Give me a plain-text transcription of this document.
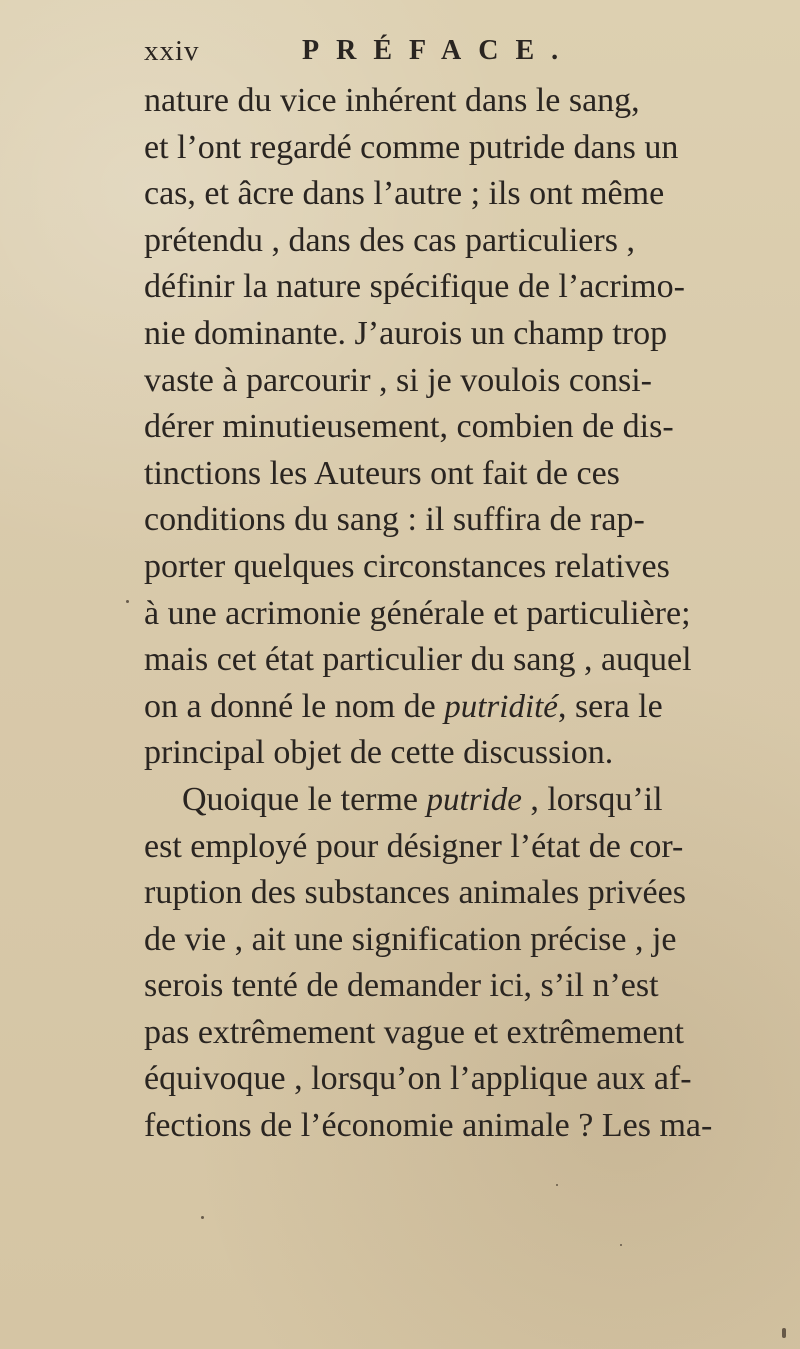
xxiv	PRÉFACE.
nature du vice inhérent dans le sang,
et l’ont regardé comme putride dans un
cas, et âcre dans l’autre ; ils ont même
prétendu , dans des cas particuliers ,
définir la nature spécifique de l’acrimo-
nie dominante. J’aurois un champ trop
vaste à parcourir , si je voulois consi-
dérer minutieusement, combien de dis-
tinctions les Auteurs ont fait de ces
conditions du sang : il suffira de rap-
porter quelques circonstances relatives
à une acrimonie générale et particulière;
mais cet état particulier du sang , auquel
on a donné le nom de putridité, sera le
principal objet de cette discussion.
Quoique le terme putride , lorsqu’il
est employé pour désigner l’état de cor-
ruption des substances animales privées
de vie , ait une signification précise , je
serois tenté de demander ici, s’il n’est
pas extrêmement vague et extrêmement
équivoque , lorsqu’on l’applique aux af-
fections de l’économie animale ? Les ma-
